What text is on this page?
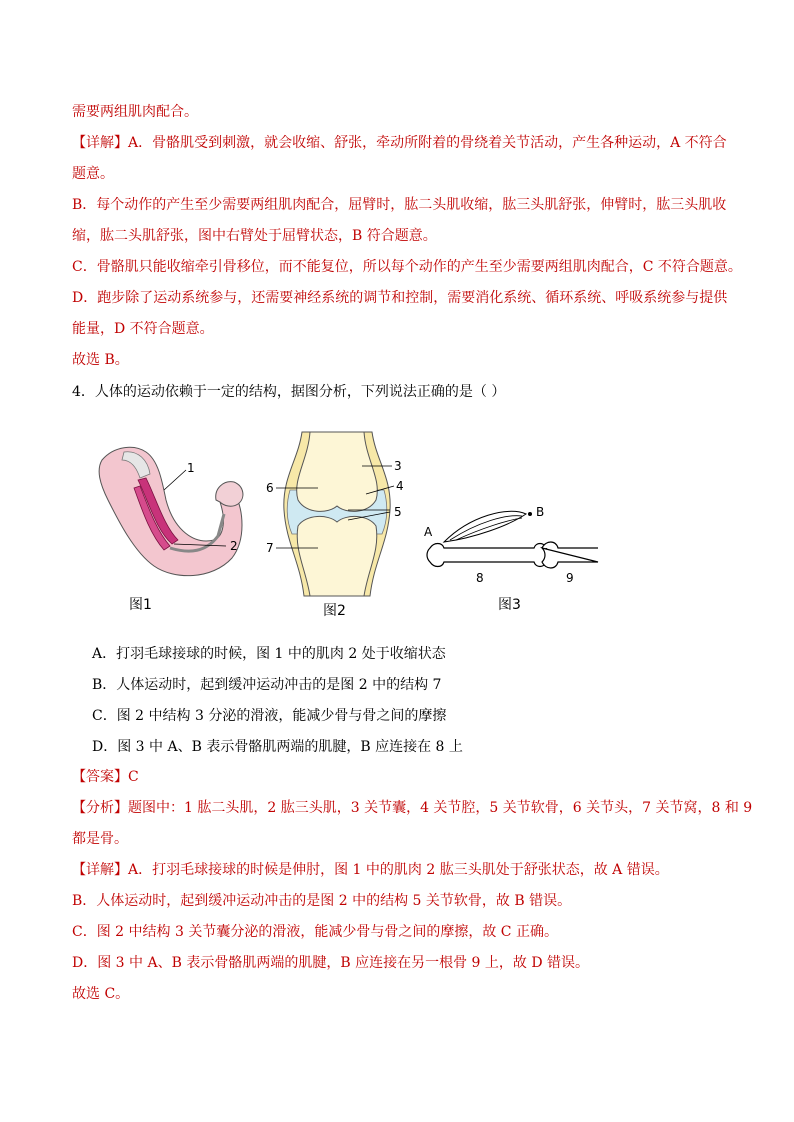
需要两组肌肉配合。
【详解】A．骨骼肌受到刺激，就会收缩、舒张，牵动所附着的骨绕着关节活动，产生各种运动，A 不符合
题意。
B．每个动作的产生至少需要两组肌肉配合，屈臂时，肱二头肌收缩，肱三头肌舒张，伸臂时，肱三头肌收
缩，肱二头肌舒张，图中右臂处于屈臂状态，B 符合题意。
C．骨骼肌只能收缩牵引骨移位，而不能复位，所以每个动作的产生至少需要两组肌肉配合，C 不符合题意。
D．跑步除了运动系统参与，还需要神经系统的调节和控制，需要消化系统、循环系统、呼吸系统参与提供
能量，D 不符合题意。
故选 B。
4．人体的运动依赖于一定的结构，据图分析，下列说法正确的是（ ）
1
2
图1
3
4
5
6
7
图2
A
B
8	9
图3
A．打羽毛球接球的时候，图 1 中的肌肉 2 处于收缩状态
B．人体运动时，起到缓冲运动冲击的是图 2 中的结构 7
C．图 2 中结构 3 分泌的滑液，能减少骨与骨之间的摩擦
D．图 3 中 A、B 表示骨骼肌两端的肌腱，B 应连接在 8 上
【答案】C
【分析】题图中：1 肱二头肌，2 肱三头肌，3 关节囊，4 关节腔，5 关节软骨，6 关节头，7 关节窝，8 和 9
都是骨。
【详解】A．打羽毛球接球的时候是伸肘，图 1 中的肌肉 2 肱三头肌处于舒张状态，故 A 错误。
B．人体运动时，起到缓冲运动冲击的是图 2 中的结构 5 关节软骨，故 B 错误。
C．图 2 中结构 3 关节囊分泌的滑液，能减少骨与骨之间的摩擦，故 C 正确。
D．图 3 中 A、B 表示骨骼肌两端的肌腱，B 应连接在另一根骨 9 上，故 D 错误。
故选 C。
